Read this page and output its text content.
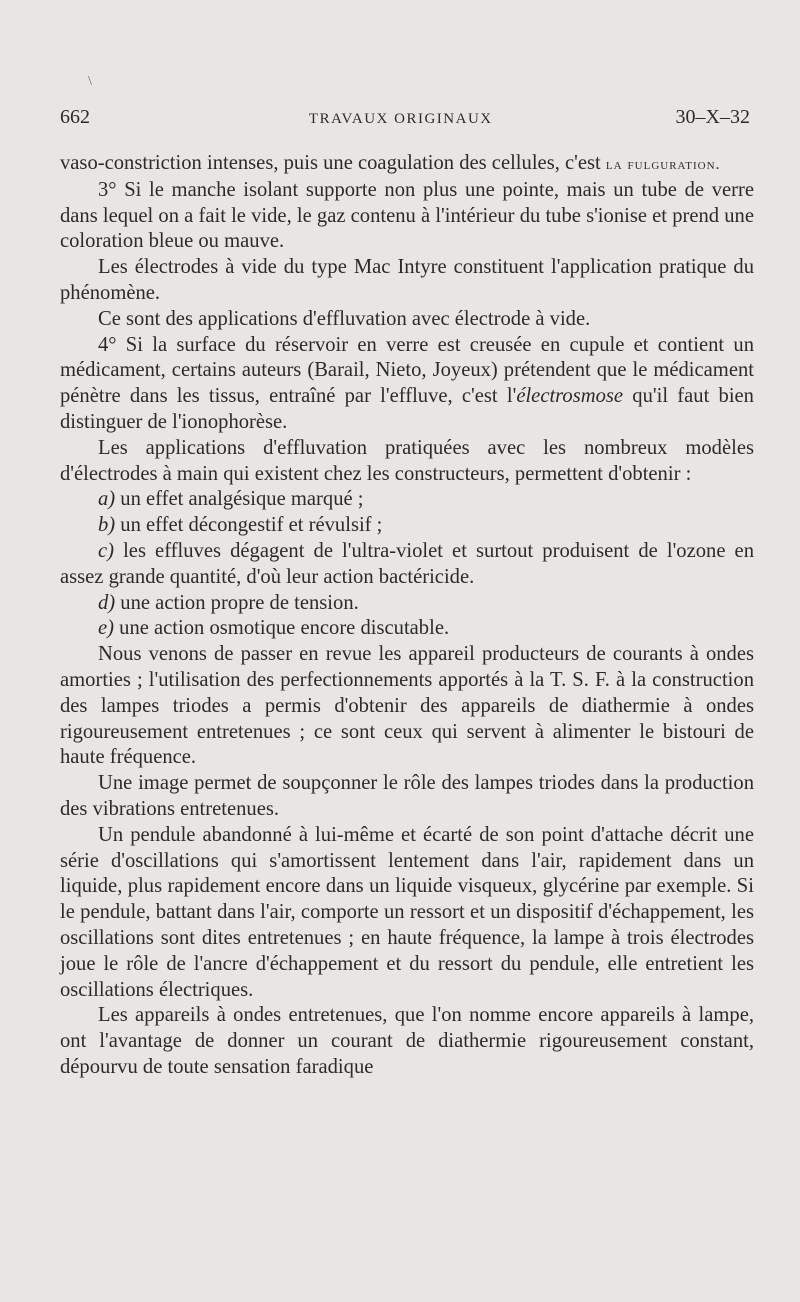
\
662	TRAVAUX ORIGINAUX	30–X–32

vaso-constriction intenses, puis une coagulation des cellules, c'est la fulguration.

3° Si le manche isolant supporte non plus une pointe, mais un tube de verre dans lequel on a fait le vide, le gaz contenu à l'intérieur du tube s'ionise et prend une coloration bleue ou mauve.

Les électrodes à vide du type Mac Intyre constituent l'application pratique du phénomène.

Ce sont des applications d'effluvation avec électrode à vide.

4° Si la surface du réservoir en verre est creusée en cupule et contient un médicament, certains auteurs (Barail, Nieto, Joyeux) prétendent que le médicament pénètre dans les tissus, entraîné par l'effluve, c'est l'électrosmose qu'il faut bien distinguer de l'ionophorèse.

Les applications d'effluvation pratiquées avec les nombreux modèles d'électrodes à main qui existent chez les constructeurs, permettent d'obtenir :

a) un effet analgésique marqué ;

b) un effet décongestif et révulsif ;

c) les effluves dégagent de l'ultra-violet et surtout produisent de l'ozone en assez grande quantité, d'où leur action bactéricide.

d) une action propre de tension.

e) une action osmotique encore discutable.

Nous venons de passer en revue les appareil producteurs de courants à ondes amorties ; l'utilisation des perfectionnements apportés à la T. S. F. à la construction des lampes triodes a permis d'obtenir des appareils de diathermie à ondes rigoureusement entretenues ; ce sont ceux qui servent à alimenter le bistouri de haute fréquence.

Une image permet de soupçonner le rôle des lampes triodes dans la production des vibrations entretenues.

Un pendule abandonné à lui-même et écarté de son point d'attache décrit une série d'oscillations qui s'amortissent lentement dans l'air, rapidement dans un liquide, plus rapidement encore dans un liquide visqueux, glycérine par exemple. Si le pendule, battant dans l'air, comporte un ressort et un dispositif d'échappement, les oscillations sont dites entretenues ; en haute fréquence, la lampe à trois électrodes joue le rôle de l'ancre d'échappement et du ressort du pendule, elle entretient les oscillations électriques.

Les appareils à ondes entretenues, que l'on nomme encore appareils à lampe, ont l'avantage de donner un courant de diathermie rigoureusement constant, dépourvu de toute sensation faradique
